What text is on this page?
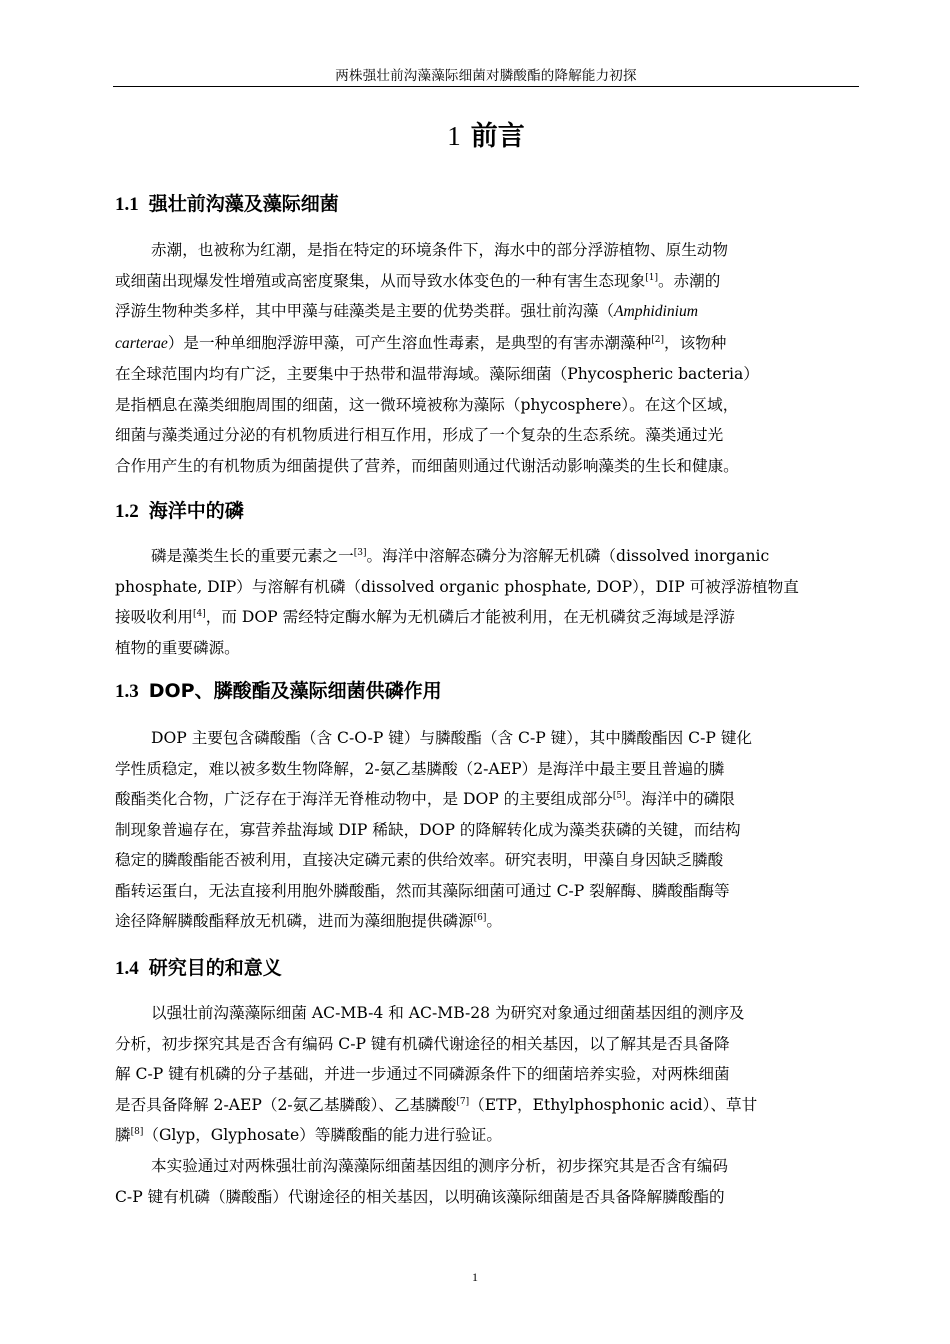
两株强壮前沟藻藻际细菌对膦酸酯的降解能力初探
1 前言
1.1 强壮前沟藻及藻际细菌

赤潮，也被称为红潮，是指在特定的环境条件下，海水中的部分浮游植物、原生动物
或细菌出现爆发性增殖或高密度聚集，从而导致水体变色的一种有害生态现象[1]。赤潮的
浮游生物种类多样，其中甲藻与硅藻类是主要的优势类群。强壮前沟藻（Amphidinium
carterae）是一种单细胞浮游甲藻，可产生溶血性毒素，是典型的有害赤潮藻种[2]，该物种
在全球范围内均有广泛，主要集中于热带和温带海域。藻际细菌（Phycospheric bacteria）
是指栖息在藻类细胞周围的细菌，这一微环境被称为藻际（phycosphere）。在这个区域，
细菌与藻类通过分泌的有机物质进行相互作用，形成了一个复杂的生态系统。藻类通过光
合作用产生的有机物质为细菌提供了营养，而细菌则通过代谢活动影响藻类的生长和健康。

1.2 海洋中的磷

磷是藻类生长的重要元素之一[3]。海洋中溶解态磷分为溶解无机磷（dissolved inorganic
phosphate, DIP）与溶解有机磷（dissolved organic phosphate, DOP），DIP 可被浮游植物直
接吸收利用[4]，而 DOP 需经特定酶水解为无机磷后才能被利用，在无机磷贫乏海域是浮游
植物的重要磷源。

1.3 DOP、膦酸酯及藻际细菌供磷作用

DOP 主要包含磷酸酯（含 C-O-P 键）与膦酸酯（含 C-P 键），其中膦酸酯因 C-P 键化
学性质稳定，难以被多数生物降解，2-氨乙基膦酸（2-AEP）是海洋中最主要且普遍的膦
酸酯类化合物，广泛存在于海洋无脊椎动物中，是 DOP 的主要组成部分[5]。海洋中的磷限
制现象普遍存在，寡营养盐海域 DIP 稀缺，DOP 的降解转化成为藻类获磷的关键，而结构
稳定的膦酸酯能否被利用，直接决定磷元素的供给效率。研究表明，甲藻自身因缺乏膦酸
酯转运蛋白，无法直接利用胞外膦酸酯，然而其藻际细菌可通过 C-P 裂解酶、膦酸酯酶等
途径降解膦酸酯释放无机磷，进而为藻细胞提供磷源[6]。

1.4 研究目的和意义

以强壮前沟藻藻际细菌 AC-MB-4 和 AC-MB-28 为研究对象通过细菌基因组的测序及
分析，初步探究其是否含有编码 C-P 键有机磷代谢途径的相关基因，以了解其是否具备降
解 C-P 键有机磷的分子基础，并进一步通过不同磷源条件下的细菌培养实验，对两株细菌
是否具备降解 2-AEP（2-氨乙基膦酸）、乙基膦酸[7]（ETP，Ethylphosphonic acid）、草甘
膦[8]（Glyp，Glyphosate）等膦酸酯的能力进行验证。

本实验通过对两株强壮前沟藻藻际细菌基因组的测序分析，初步探究其是否含有编码
C-P 键有机磷（膦酸酯）代谢途径的相关基因，以明确该藻际细菌是否具备降解膦酸酯的

1
